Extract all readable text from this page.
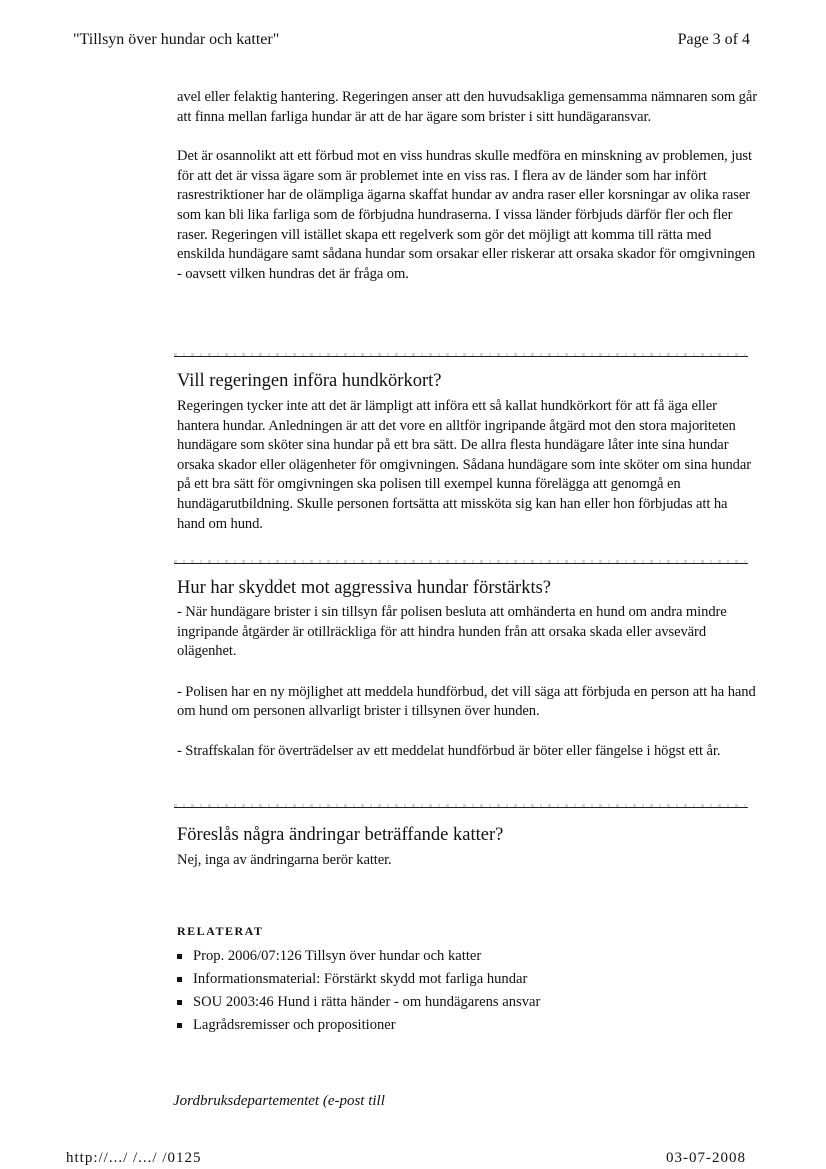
"Tillsyn över hundar och katter"	Page 3 of 4

avel eller felaktig hantering. Regeringen anser att den huvudsakliga gemensamma nämnaren som går att finna mellan farliga hundar är att de har ägare som brister i sitt hundägaransvar.

Det är osannolikt att ett förbud mot en viss hundras skulle medföra en minskning av problemen, just för att det är vissa ägare som är problemet inte en viss ras. I flera av de länder som har infört rasrestriktioner har de olämpliga ägarna skaffat hundar av andra raser eller korsningar av olika raser som kan bli lika farliga som de förbjudna hundraserna. I vissa länder förbjuds därför fler och fler raser. Regeringen vill istället skapa ett regelverk som gör det möjligt att komma till rätta med enskilda hundägare samt sådana hundar som orsakar eller riskerar att orsaka skador för omgivningen - oavsett vilken hundras det är fråga om.

Vill regeringen införa hundkörkort?

Regeringen tycker inte att det är lämpligt att införa ett så kallat hundkörkort för att få äga eller hantera hundar. Anledningen är att det vore en alltför ingripande åtgärd mot den stora majoriteten hundägare som sköter sina hundar på ett bra sätt. De allra flesta hundägare låter inte sina hundar orsaka skador eller olägenheter för omgivningen. Sådana hundägare som inte sköter om sina hundar på ett bra sätt för omgivningen ska polisen till exempel kunna förelägga att genomgå en hundägarutbildning. Skulle personen fortsätta att missköta sig kan han eller hon förbjudas att ha hand om hund.

Hur har skyddet mot aggressiva hundar förstärkts?

- När hundägare brister i sin tillsyn får polisen besluta att omhänderta en hund om andra mindre ingripande åtgärder är otillräckliga för att hindra hunden från att orsaka skada eller avsevärd olägenhet.

- Polisen har en ny möjlighet att meddela hundförbud, det vill säga att förbjuda en person att ha hand om hund om personen allvarligt brister i tillsynen över hunden.

- Straffskalan för överträdelser av ett meddelat hundförbud är böter eller fängelse i högst ett år.

Föreslås några ändringar beträffande katter?

Nej, inga av ändringarna berör katter.

RELATERAT

Prop. 2006/07:126 Tillsyn över hundar och katter
Informationsmaterial: Förstärkt skydd mot farliga hundar
SOU 2003:46 Hund i rätta händer - om hundägarens ansvar
Lagrådsremisser och propositioner
Jordbruksdepartementet (e-post till
http://.../ /.../ /0125	03-07-2008
